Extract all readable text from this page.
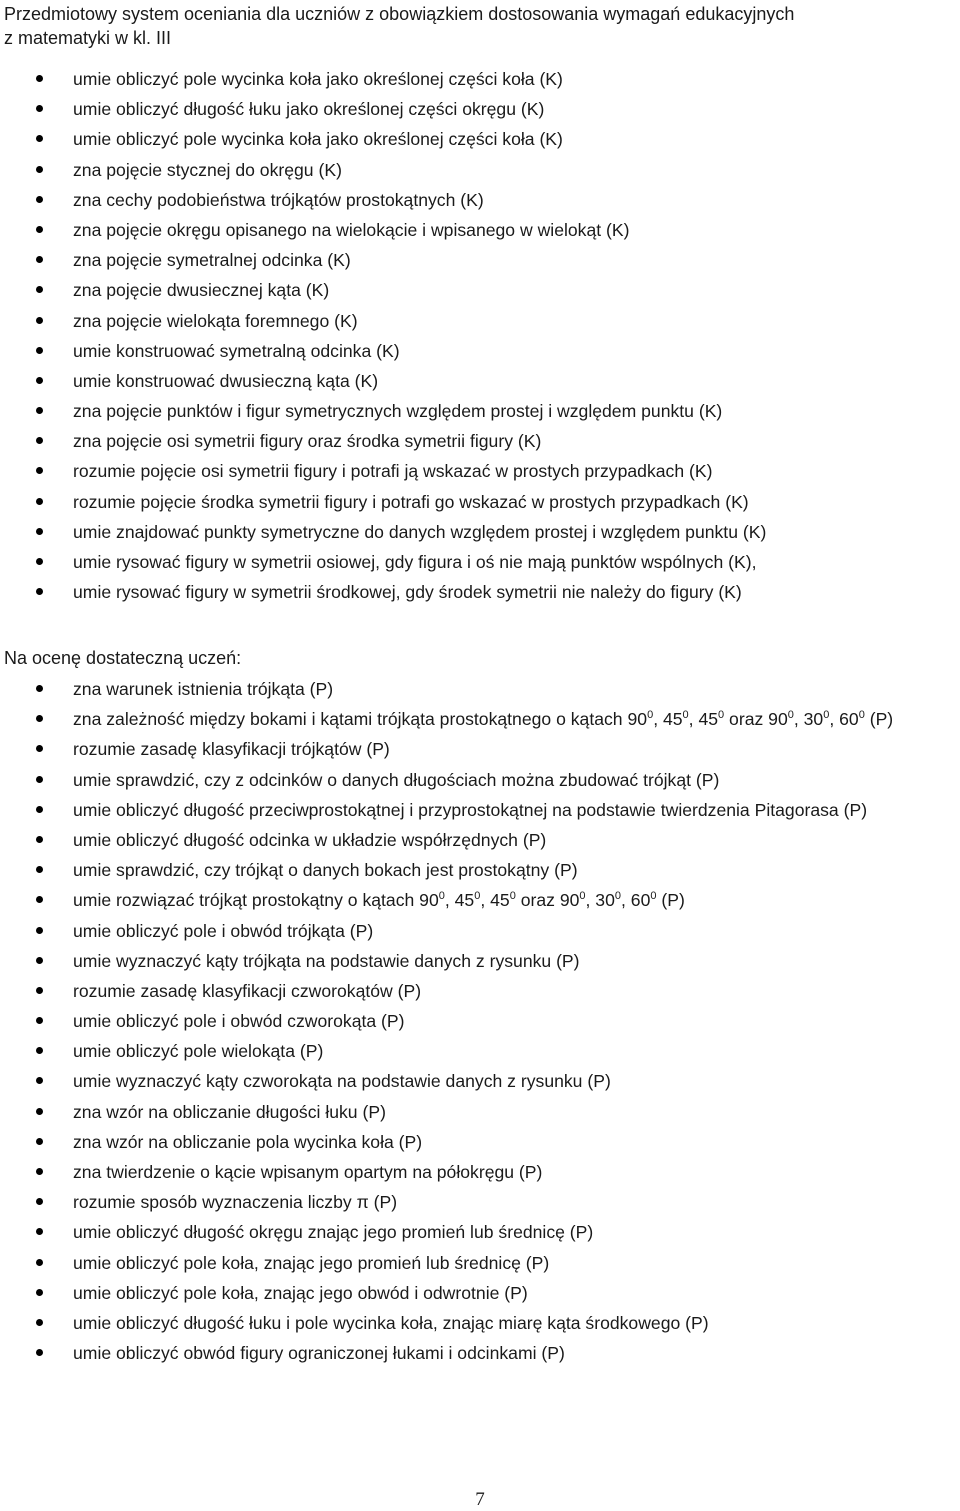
Przedmiotowy system oceniania dla uczniów z obowiązkiem dostosowania wymagań edukacyjnych
z matematyki w kl. III
umie obliczyć pole wycinka koła jako określonej części koła (K)
umie obliczyć długość łuku jako określonej części okręgu (K)
umie obliczyć pole wycinka koła jako określonej części koła (K)
zna pojęcie stycznej do okręgu (K)
zna cechy podobieństwa trójkątów prostokątnych (K)
zna pojęcie okręgu opisanego na wielokącie i wpisanego w wielokąt (K)
zna pojęcie symetralnej odcinka (K)
zna pojęcie dwusiecznej kąta (K)
zna pojęcie wielokąta foremnego (K)
umie konstruować symetralną odcinka (K)
umie konstruować dwusieczną kąta (K)
zna pojęcie punktów i figur symetrycznych względem prostej i względem punktu (K)
zna pojęcie osi symetrii figury oraz środka symetrii figury (K)
rozumie pojęcie osi symetrii figury i potrafi ją wskazać w prostych przypadkach (K)
rozumie pojęcie środka symetrii figury i potrafi go wskazać w prostych przypadkach (K)
umie znajdować punkty symetryczne do danych względem prostej i względem punktu (K)
umie rysować figury w symetrii osiowej, gdy figura i oś nie mają punktów wspólnych (K),
umie rysować figury w symetrii środkowej, gdy środek symetrii nie należy do figury (K)
Na ocenę dostateczną uczeń:
zna warunek istnienia trójkąta (P)
zna zależność między bokami i kątami trójkąta prostokątnego o kątach $90^0$, $45^0$, $45^0$ oraz $90^0$, $30^0$, $60^0$ (P)
rozumie zasadę klasyfikacji trójkątów (P)
umie sprawdzić, czy z odcinków o danych długościach można zbudować trójkąt (P)
umie obliczyć długość przeciwprostokątnej i przyprostokątnej na podstawie twierdzenia Pitagorasa (P)
umie obliczyć długość odcinka w układzie współrzędnych (P)
umie sprawdzić, czy trójkąt o danych bokach jest prostokątny (P)
umie rozwiązać trójkąt prostokątny o kątach $90^0$, $45^0$, $45^0$ oraz $90^0$, $30^0$, $60^0$ (P)
umie obliczyć pole i obwód trójkąta (P)
umie wyznaczyć kąty trójkąta na podstawie danych z rysunku (P)
rozumie zasadę klasyfikacji czworokątów (P)
umie obliczyć pole i obwód czworokąta (P)
umie obliczyć pole wielokąta (P)
umie wyznaczyć kąty czworokąta na podstawie danych z rysunku (P)
zna wzór na obliczanie długości łuku (P)
zna wzór na obliczanie pola wycinka koła (P)
zna twierdzenie o kącie wpisanym opartym na półokręgu (P)
rozumie sposób wyznaczenia liczby π (P)
umie obliczyć długość okręgu znając jego promień lub średnicę (P)
umie obliczyć pole koła, znając jego promień lub średnicę (P)
umie obliczyć pole koła, znając jego obwód i odwrotnie (P)
umie obliczyć długość łuku i pole wycinka koła, znając miarę kąta środkowego (P)
umie obliczyć obwód figury ograniczonej łukami i odcinkami (P)
7
